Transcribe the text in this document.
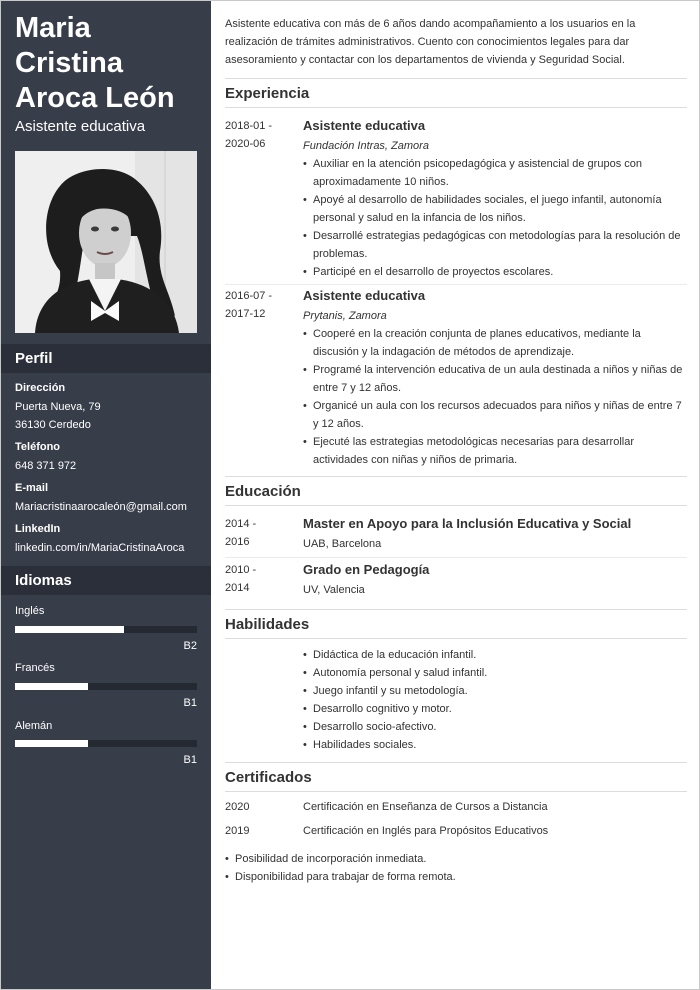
Maria Cristina Aroca León
Asistente educativa
Perfil
Dirección
Puerta Nueva, 79
36130 Cerdedo
Teléfono
648 371 972
E-mail
Mariacristinaarocaleón@gmail.com
LinkedIn
linkedin.com/in/MariaCristinaAroca
Idiomas
Inglés
B2
Francés
B1
Alemán
B1

Asistente educativa con más de 6 años dando acompañamiento a los usuarios en la realización de trámites administrativos. Cuento con conocimientos legales para dar asesoramiento y contactar con los departamentos de vivienda y Seguridad Social.

Experiencia
2018-01 -
2020-06
Asistente educativa
Fundación Intras, Zamora
• Auxiliar en la atención psicopedagógica y asistencial de grupos con aproximadamente 10 niños.
• Apoyé al desarrollo de habilidades sociales, el juego infantil, autonomía personal y salud en la infancia de los niños.
• Desarrollé estrategias pedagógicas con metodologías para la resolución de problemas.
• Participé en el desarrollo de proyectos escolares.
2016-07 -
2017-12
Asistente educativa
Prytanis, Zamora
• Cooperé en la creación conjunta de planes educativos, mediante la discusión y la indagación de métodos de aprendizaje.
• Programé la intervención educativa de un aula destinada a niños y niñas de entre 7 y 12 años.
• Organicé un aula con los recursos adecuados para niños y niñas de entre 7 y 12 años.
• Ejecuté las estrategias metodológicas necesarias para desarrollar actividades con niñas y niños de primaria.
Educación
2014 -
2016
Master en Apoyo para la Inclusión Educativa y Social
UAB, Barcelona
2010 -
2014
Grado en Pedagogía
UV, Valencia
Habilidades
• Didáctica de la educación infantil.
• Autonomía personal y salud infantil.
• Juego infantil y su metodología.
• Desarrollo cognitivo y motor.
• Desarrollo socio-afectivo.
• Habilidades sociales.
Certificados
2020	Certificación en Enseñanza de Cursos a Distancia
2019	Certificación en Inglés para Propósitos Educativos
• Posibilidad de incorporación inmediata.
• Disponibilidad para trabajar de forma remota.
